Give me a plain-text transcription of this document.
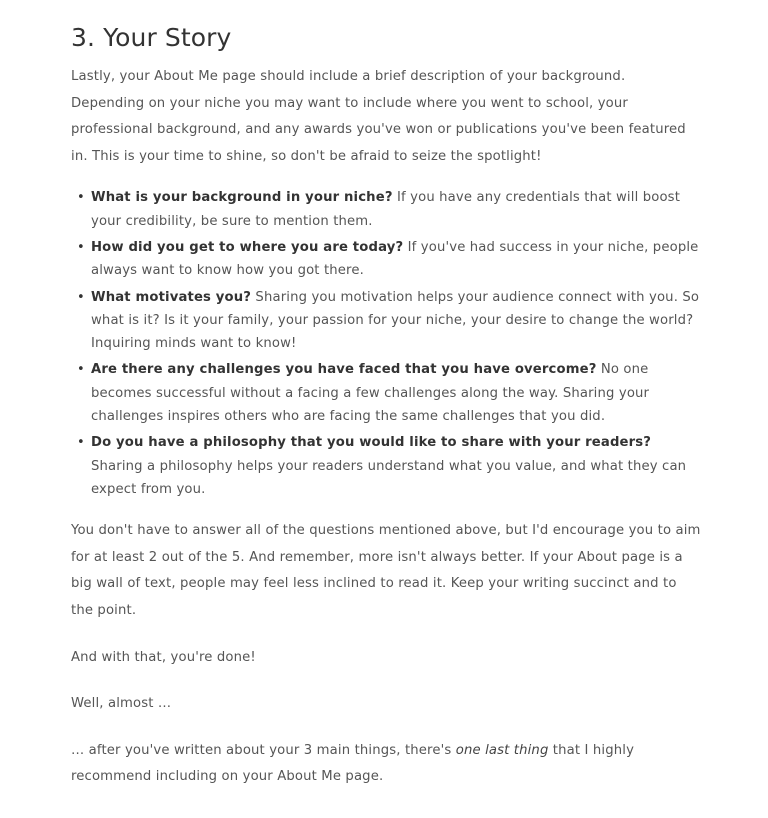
3. Your Story

Lastly, your About Me page should include a brief description of your background. Depending on your niche you may want to include where you went to school, your professional background, and any awards you've won or publications you've been featured in. This is your time to shine, so don't be afraid to seize the spotlight!

• What is your background in your niche? If you have any credentials that will boost your credibility, be sure to mention them.
• How did you get to where you are today? If you've had success in your niche, people always want to know how you got there.
• What motivates you? Sharing you motivation helps your audience connect with you. So what is it? Is it your family, your passion for your niche, your desire to change the world? Inquiring minds want to know!
• Are there any challenges you have faced that you have overcome? No one becomes successful without a facing a few challenges along the way. Sharing your challenges inspires others who are facing the same challenges that you did.
• Do you have a philosophy that you would like to share with your readers? Sharing a philosophy helps your readers understand what you value, and what they can expect from you.

You don't have to answer all of the questions mentioned above, but I'd encourage you to aim for at least 2 out of the 5. And remember, more isn't always better. If your About page is a big wall of text, people may feel less inclined to read it. Keep your writing succinct and to the point.

And with that, you're done!

Well, almost …

… after you've written about your 3 main things, there's one last thing that I highly recommend including on your About Me page.
